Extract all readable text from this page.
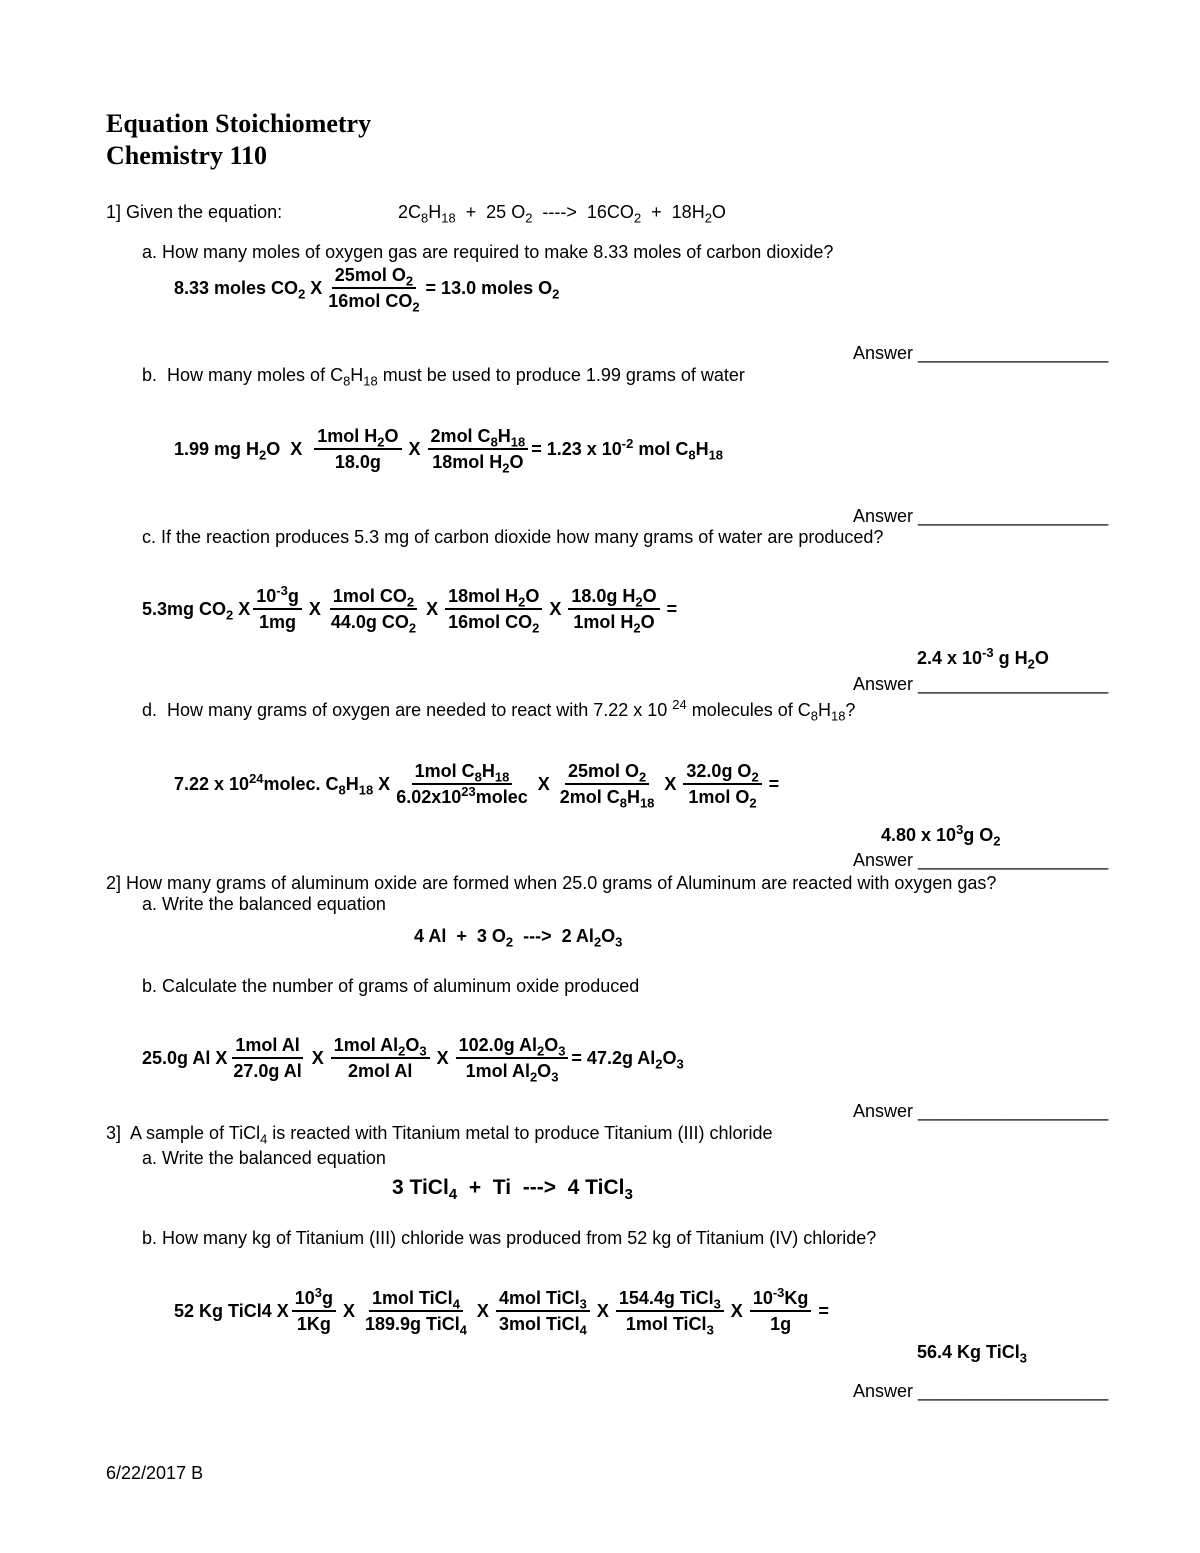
Equation Stoichiometry
Chemistry 110
1] Given the equation:	$2C_8H_{18} + 25$ $O_2$  ---->  $16CO_2 + 18H_2O$
a. How many moles of oxygen gas are required to make 8.33 moles of carbon dioxide?
8.33 moles $CO_2$ X $\frac{25mol O_2}{16mol CO_2} = 13.0$ moles $O_2$
Answer ___________________
b.  How many moles of $C_8H_{18}$ must be used to produce 1.99 grams of water
1.99 mg $H_2O$  X $\frac{1mol H_2O}{18.0g}$ X $\frac{2mol C_8H_{18}}{18mol H_2O} = 1.23$ x $10^{-2}$ mol $C_8H_{18}$
Answer ___________________
c. If the reaction produces 5.3 mg of carbon dioxide how many grams of water are produced?
5.3mg $CO_2$ X $\frac{10^{-3}g}{1mg}$ X $\frac{1mol CO_2}{44.0g CO_2}$ X $\frac{18mol H_2O}{16mol CO_2}$ X $\frac{18.0g H_2O}{1mol H_2O}$ =
2.4 x $10^{-3}$ g $H_2O$
Answer ___________________
d.  How many grams of oxygen are needed to react with 7.22 x 10 $^{24}$ molecules of $C_8H_{18}$?
7.22 x $10^{24}molec$. $C_8H_{18}$ X $\frac{1mol C_8H_{18}}{6.02x10^{23}molec}$ X $\frac{25mol O_2}{2mol C_8H_{18}}$ X $\frac{32.0g O_2}{1mol O_2}$ =
4.80 x $10^3g$ $O_2$
Answer ___________________
2] How many grams of aluminum oxide are formed when 25.0 grams of Aluminum are reacted with oxygen gas?
a. Write the balanced equation
4 Al  +  3 $O_2$  --->  2 $Al_2O_3$
b. Calculate the number of grams of aluminum oxide produced
25.0g Al X $\frac{\text{1mol Al}}{\text{27.0g Al}}$ X $\frac{1mol Al_2O_3}{\text{2mol Al}}$ X $\frac{102.0g Al_2O_3}{1mol Al_2O_3} = 47.2g$ $Al_2O_3$
Answer ___________________
3]  A sample of TiCl$_4$ is reacted with Titanium metal to produce Titanium (III) chloride
a. Write the balanced equation
3 TiCl$_4$  +  Ti  --->  4 TiCl$_3$
b. How many kg of Titanium (III) chloride was produced from 52 kg of Titanium (IV) chloride?
52 Kg TiCl4 X $\frac{10^3g}{1Kg}$ X $\frac{1mol TiCl_4}{189.9g TiCl_4}$ X $\frac{4mol TiCl_3}{3mol TiCl_4}$ X $\frac{154.4g TiCl_3}{1mol TiCl_3}$ X $\frac{10^{-3}Kg}{1g}$ =
56.4 Kg TiCl$_3$
Answer ___________________
6/22/2017 B
